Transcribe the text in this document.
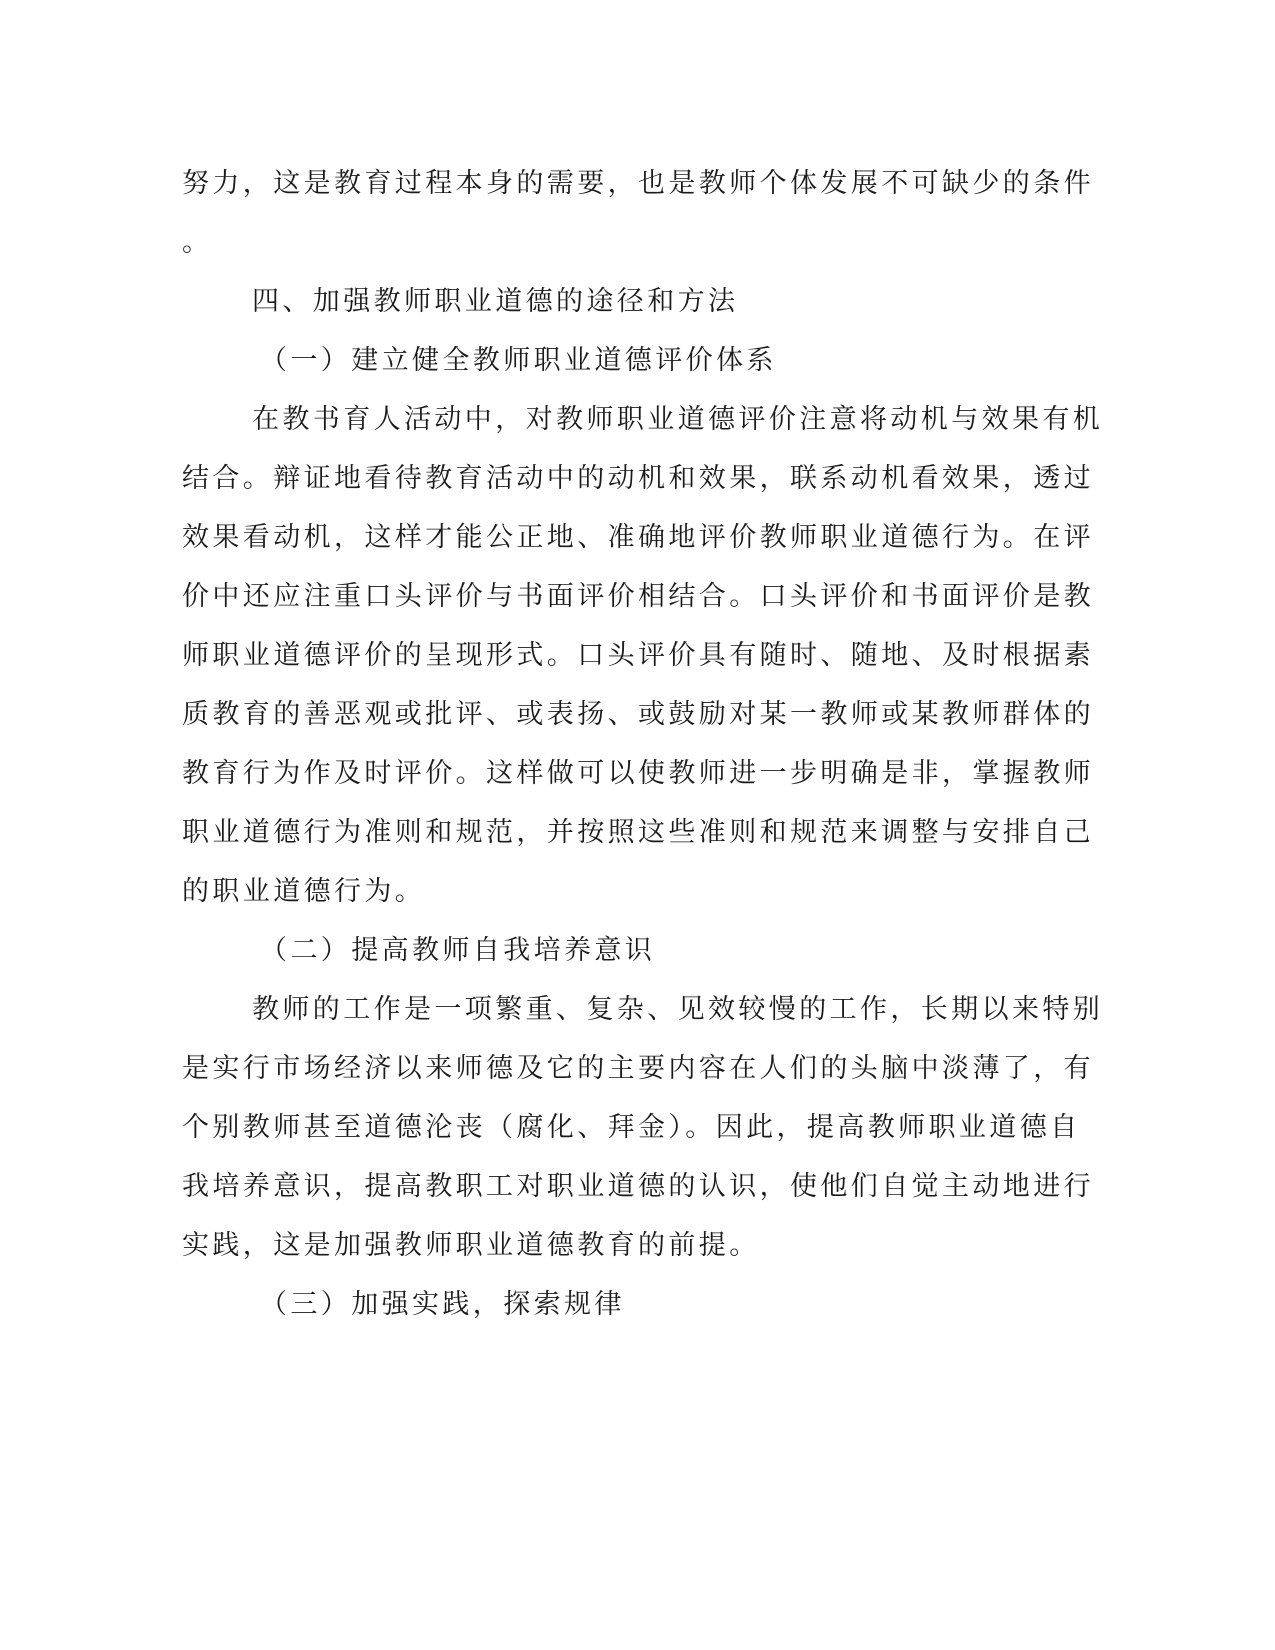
努力，这是教育过程本身的需要，也是教师个体发展不可缺少的条件
。
四、加强教师职业道德的途径和方法
（一）建立健全教师职业道德评价体系
在教书育人活动中，对教师职业道德评价注意将动机与效果有机
结合。辩证地看待教育活动中的动机和效果，联系动机看效果，透过
效果看动机，这样才能公正地、准确地评价教师职业道德行为。在评
价中还应注重口头评价与书面评价相结合。口头评价和书面评价是教
师职业道德评价的呈现形式。口头评价具有随时、随地、及时根据素
质教育的善恶观或批评、或表扬、或鼓励对某一教师或某教师群体的
教育行为作及时评价。这样做可以使教师进一步明确是非，掌握教师
职业道德行为准则和规范，并按照这些准则和规范来调整与安排自己
的职业道德行为。
（二）提高教师自我培养意识
教师的工作是一项繁重、复杂、见效较慢的工作，长期以来特别
是实行市场经济以来师德及它的主要内容在人们的头脑中淡薄了，有
个别教师甚至道德沦丧（腐化、拜金）。因此，提高教师职业道德自
我培养意识，提高教职工对职业道德的认识，使他们自觉主动地进行
实践，这是加强教师职业道德教育的前提。
（三）加强实践，探索规律
